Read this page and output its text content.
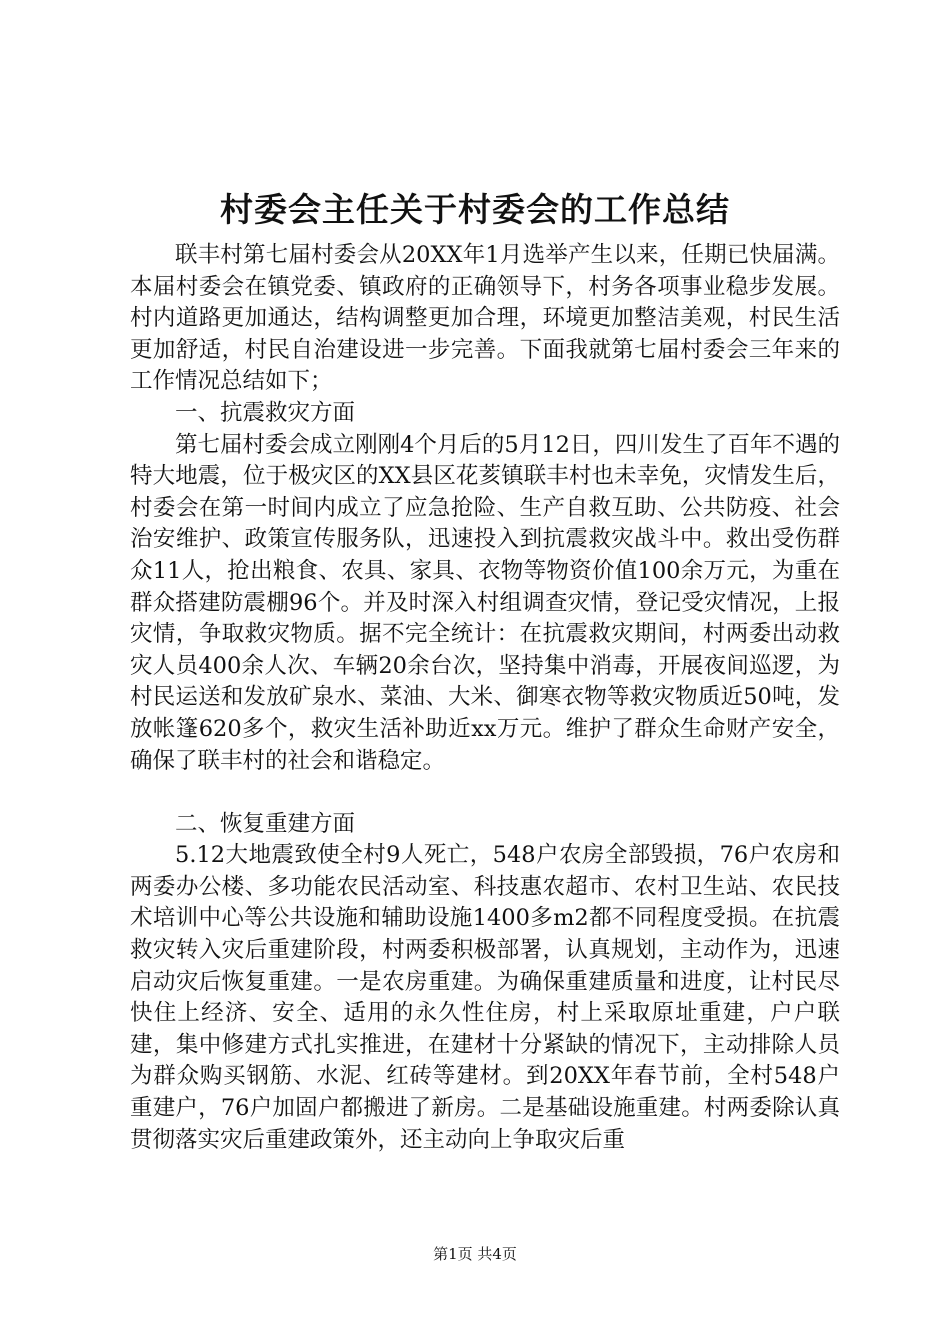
村委会主任关于村委会的工作总结

联丰村第七届村委会从20XX年1月选举产生以来，任期已快届满。本届村委会在镇党委、镇政府的正确领导下，村务各项事业稳步发展。村内道路更加通达，结构调整更加合理，环境更加整洁美观，村民生活更加舒适，村民自治建设进一步完善。下面我就第七届村委会三年来的工作情况总结如下；

一、抗震救灾方面

第七届村委会成立刚刚4个月后的5月12日，四川发生了百年不遇的特大地震，位于极灾区的XX县区花荄镇联丰村也未幸免，灾情发生后，村委会在第一时间内成立了应急抢险、生产自救互助、公共防疫、社会治安维护、政策宣传服务队，迅速投入到抗震救灾战斗中。救出受伤群众11人，抢出粮食、农具、家具、衣物等物资价值100余万元，为重在群众搭建防震棚96个。并及时深入村组调查灾情，登记受灾情况，上报灾情，争取救灾物质。据不完全统计：在抗震救灾期间，村两委出动救灾人员400余人次、车辆20余台次，坚持集中消毒，开展夜间巡逻，为村民运送和发放矿泉水、菜油、大米、御寒衣物等救灾物质近50吨，发放帐篷620多个，救灾生活补助近xx万元。维护了群众生命财产安全，确保了联丰村的社会和谐稳定。

二、恢复重建方面

5.12大地震致使全村9人死亡，548户农房全部毁损，76户农房和两委办公楼、多功能农民活动室、科技惠农超市、农村卫生站、农民技术培训中心等公共设施和辅助设施1400多m2都不同程度受损。在抗震救灾转入灾后重建阶段，村两委积极部署，认真规划，主动作为，迅速启动灾后恢复重建。一是农房重建。为确保重建质量和进度，让村民尽快住上经济、安全、适用的永久性住房，村上采取原址重建，户户联建，集中修建方式扎实推进，在建材十分紧缺的情况下，主动排除人员为群众购买钢筋、水泥、红砖等建材。到20XX年春节前，全村548户重建户，76户加固户都搬进了新房。二是基础设施重建。村两委除认真贯彻落实灾后重建政策外，还主动向上争取灾后重

第1页 共4页
